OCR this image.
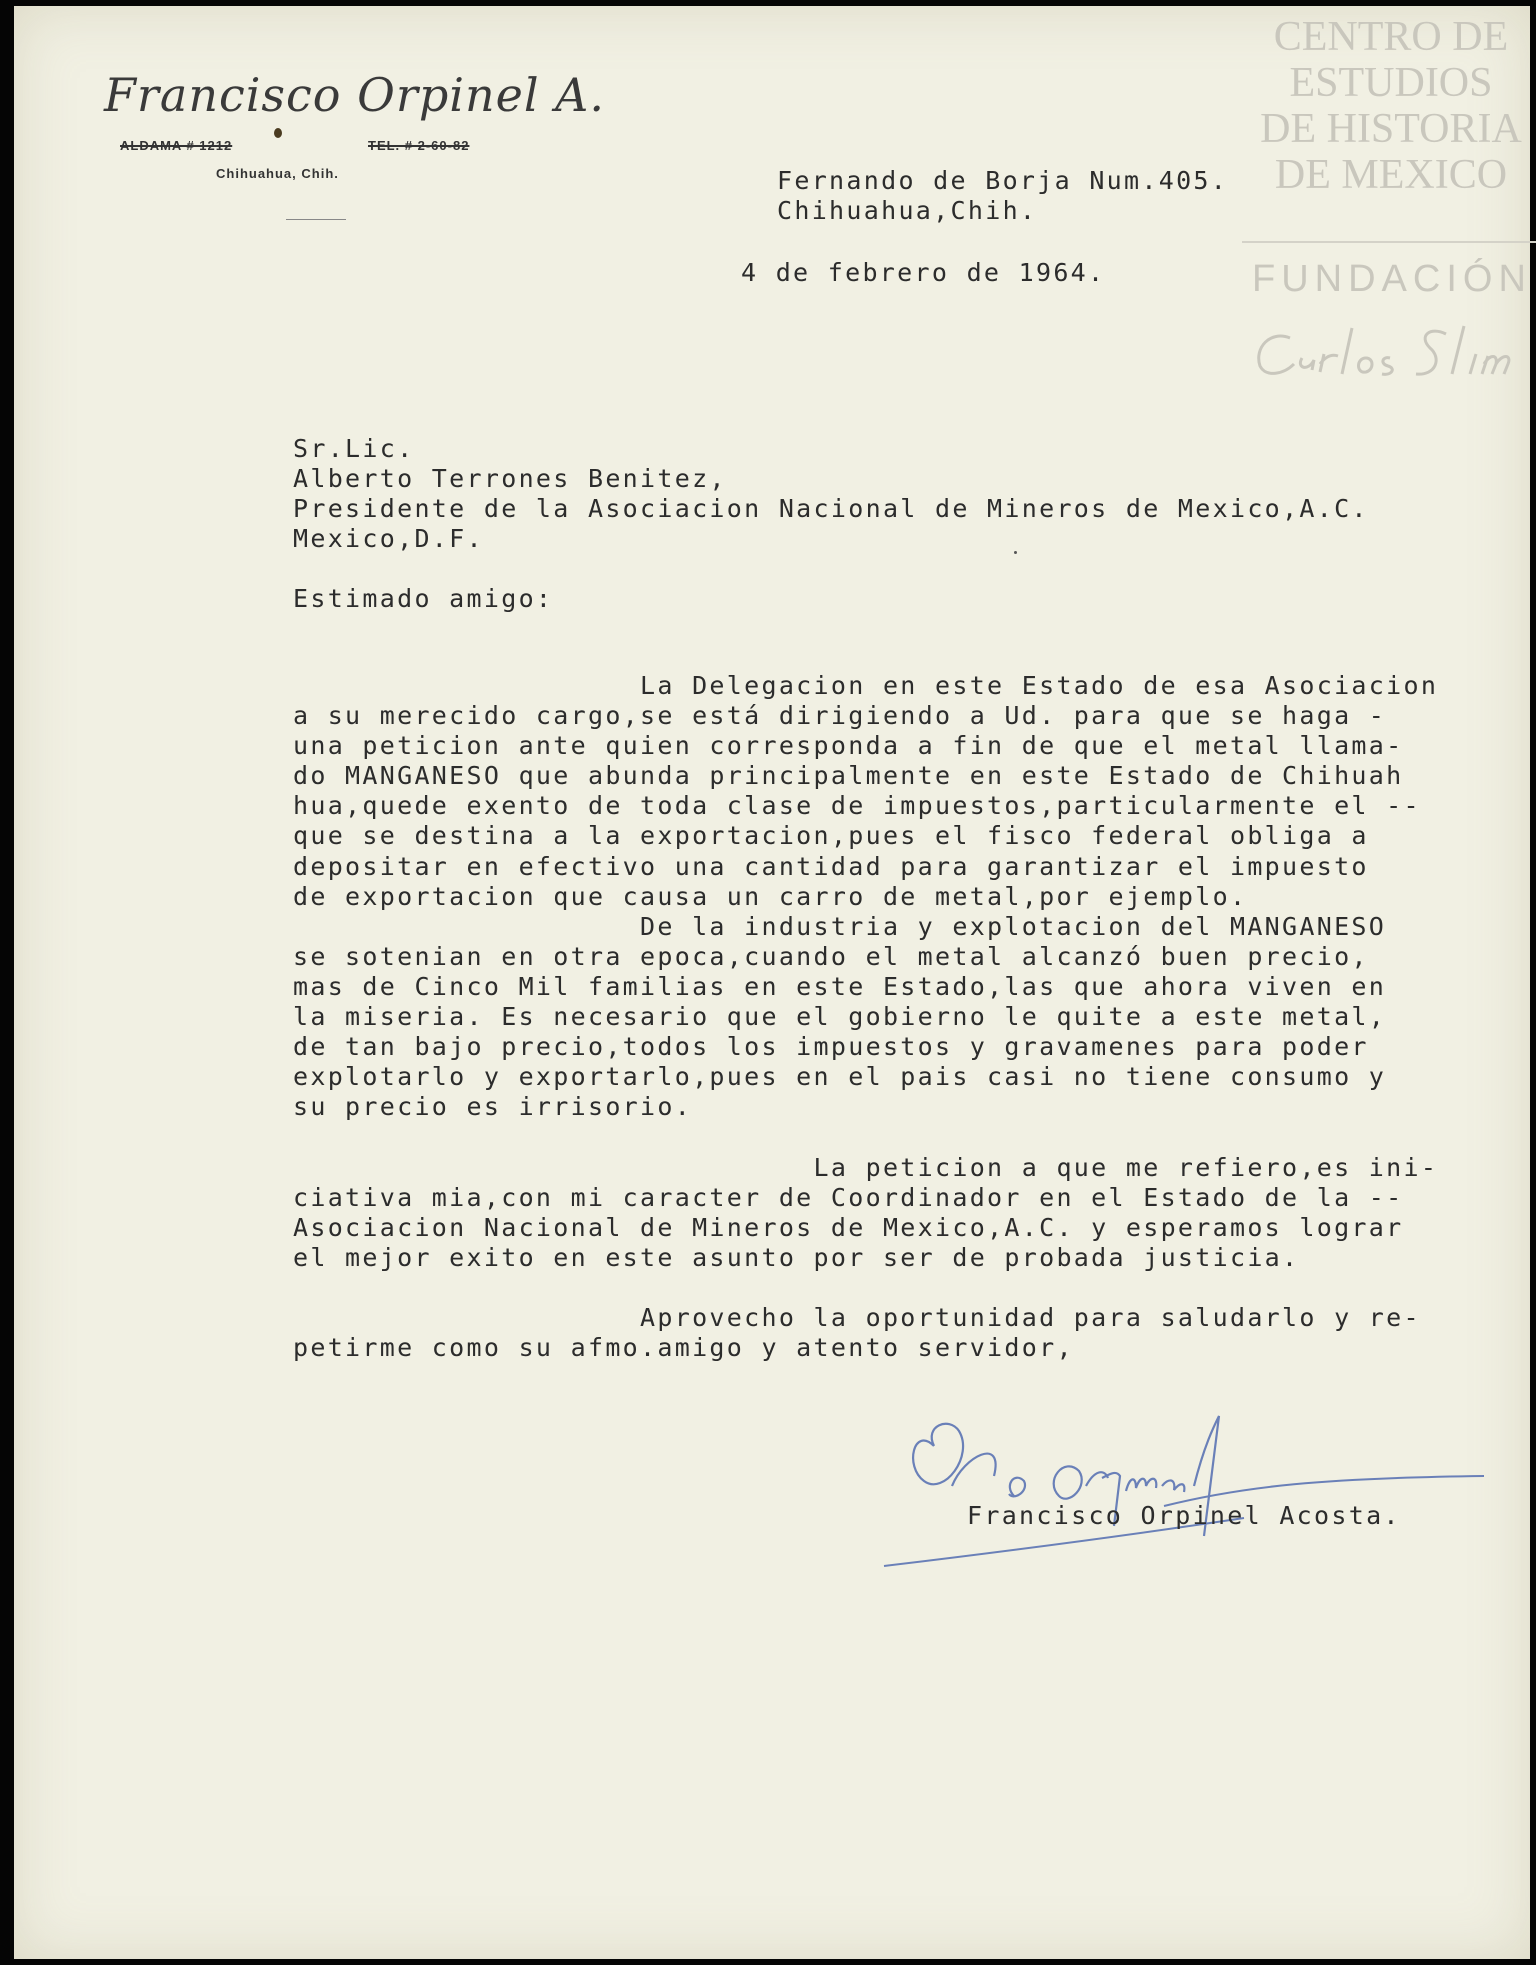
Francisco Orpinel A.
ALDAMA # 1212	TEL. # 2-60-82
Chihuahua, Chih.
CENTRO DE
ESTUDIOS
DE HISTORIA
DE MEXICO
FUNDACIÓN
Fernando de Borja Num.405.
Chihuahua,Chih.
4 de febrero de 1964.
Sr.Lic.
Alberto Terrones Benitez,
Presidente de la Asociacion Nacional de Mineros de Mexico,A.C.
Mexico,D.F.
Estimado amigo:
La Delegacion en este Estado de esa Asociacion
a su merecido cargo,se está dirigiendo a Ud. para que se haga -
una peticion ante quien corresponda a fin de que el metal llama-
do MANGANESO que abunda principalmente en este Estado de Chihuah
hua,quede exento de toda clase de impuestos,particularmente el --
que se destina a la exportacion,pues el fisco federal obliga a
depositar en efectivo una cantidad para garantizar el impuesto
de exportacion que causa un carro de metal,por ejemplo.
De la industria y explotacion del MANGANESO
se sotenian en otra epoca,cuando el metal alcanzó buen precio,
mas de Cinco Mil familias en este Estado,las que ahora viven en
la miseria. Es necesario que el gobierno le quite a este metal,
de tan bajo precio,todos los impuestos y gravamenes para poder
explotarlo y exportarlo,pues en el pais casi no tiene consumo y
su precio es irrisorio.
La peticion a que me refiero,es ini-
ciativa mia,con mi caracter de Coordinador en el Estado de la --
Asociacion Nacional de Mineros de Mexico,A.C. y esperamos lograr
el mejor exito en este asunto por ser de probada justicia.
Aprovecho la oportunidad para saludarlo y re-
petirme como su afmo.amigo y atento servidor,
Francisco Orpinel Acosta.
